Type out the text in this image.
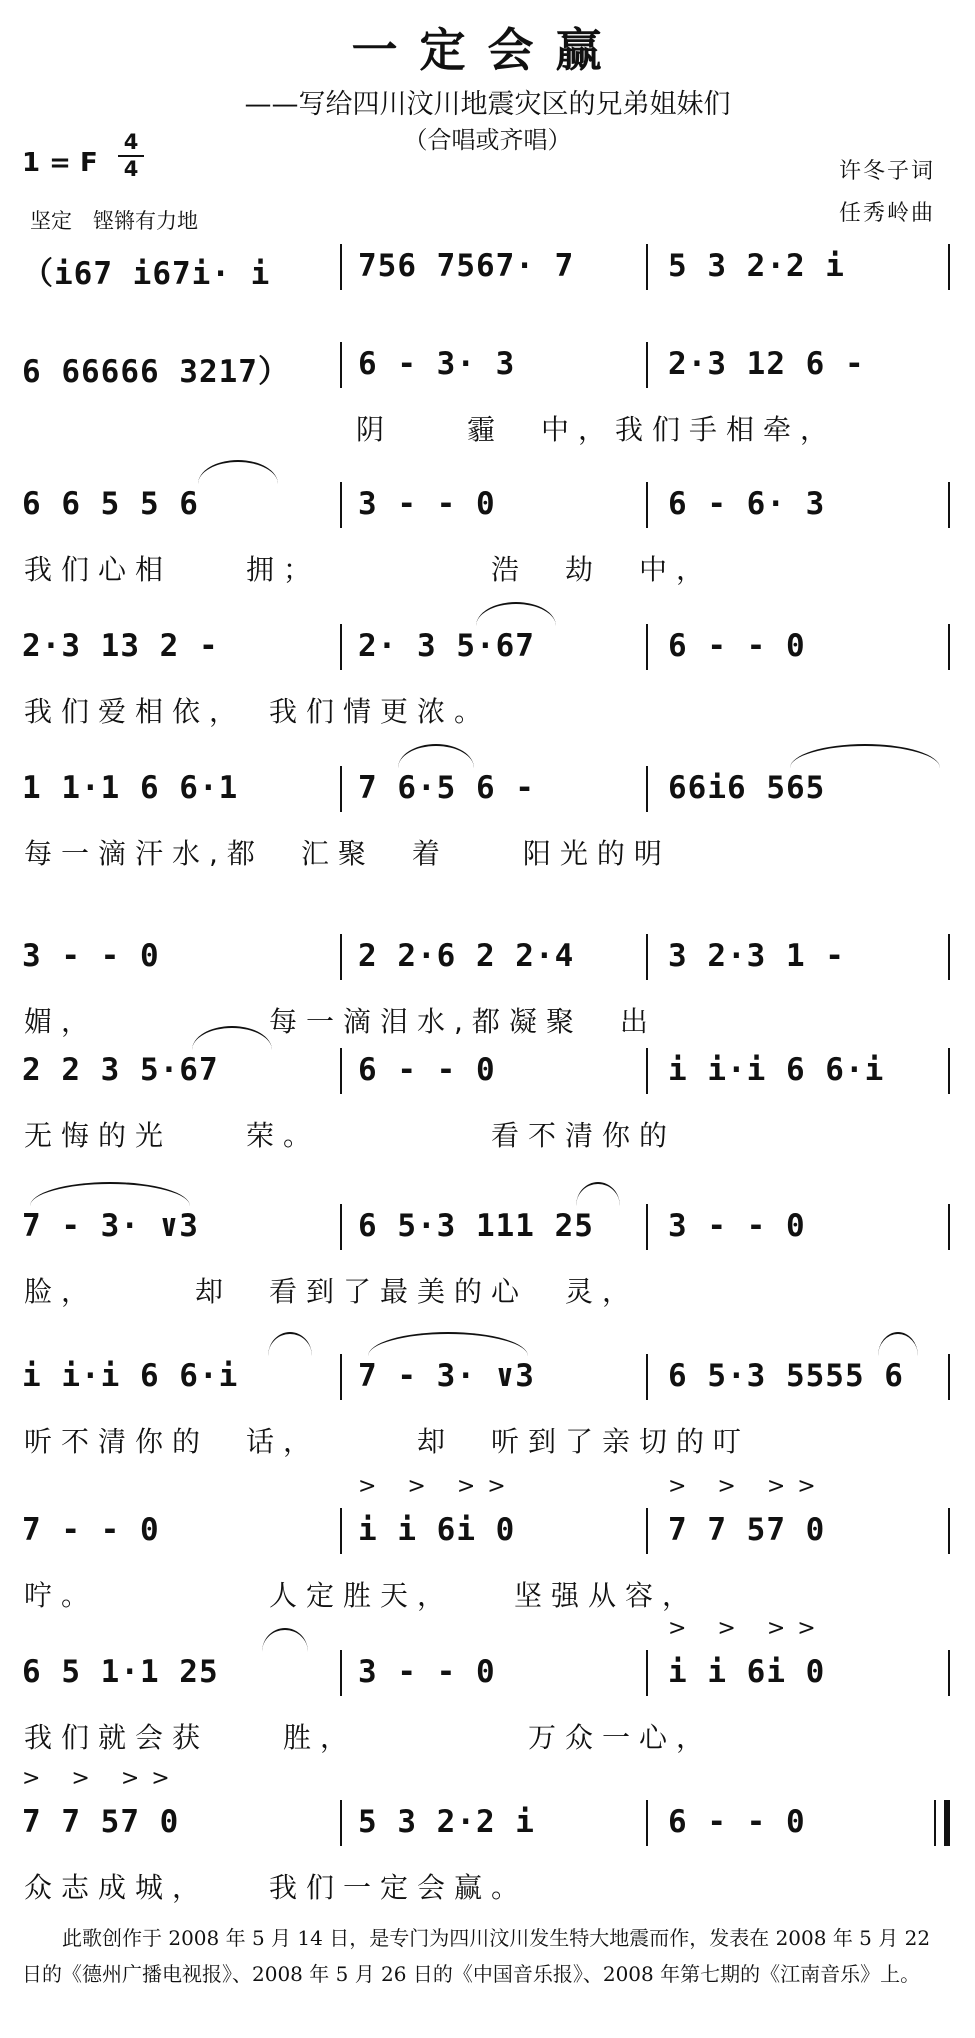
一定会赢
——写给四川汶川地震灾区的兄弟姐妹们
（合唱或齐唱）
1 = F
4
4
坚定　铿锵有力地
许冬子词
任秀岭曲
（i67 i67i· i	756 7567· 7	5 3 2·2 i
6 66666 3217） 6 - 3· 3	2·3 12 6 -
阴　　霾　中，我们手相牵，
6 6 5 5 6	3 - - 0	6 - 6· 3
我们心相　　拥；　　　　　浩　劫　中，
2·3 13 2 -	2· 3 5·67	6 - - 0
我们爱相依，　我们情更浓。
1 1·1 6 6·1	7 6·5 6 -	66i6 565
每一滴汗水,都　汇聚　着　　阳光的明
3 - - 0	2 2·6 2 2·4	3 2·3 1 -
媚，　　　　　每一滴泪水,都凝聚　出
2 2 3 5·67	6 - - 0	i i·i 6 6·i
无悔的光　　荣。　　　　　看不清你的
7 - 3· ∨3	6 5·3 111 25 3 - - 0
脸，　　　却　看到了最美的心　灵，
i i·i 6 6·i	7 - 3· ∨3	6 5·3 5555 6
听不清你的　话，　　　却　听到了亲切的叮
7 - - 0
> > >>
i i 6i 0
> > >>
7 7 57 0
咛。　　　　　人定胜天，　　坚强从容，
6 5 1·1 25	3 - - 0
> > >>
i i 6i 0
我们就会获　　胜，　　　　　万众一心，
> > >>
7 7 57 0	5 3 2·2 i	6 - - 0
众志成城，　　我们一定会赢。
此歌创作于 2008 年 5 月 14 日，是专门为四川汶川发生特大地震而作，发表在 2008 年 5 月 22 日的《德州广播电视报》、2008 年 5 月 26 日的《中国音乐报》、2008 年第七期的《江南音乐》上。
